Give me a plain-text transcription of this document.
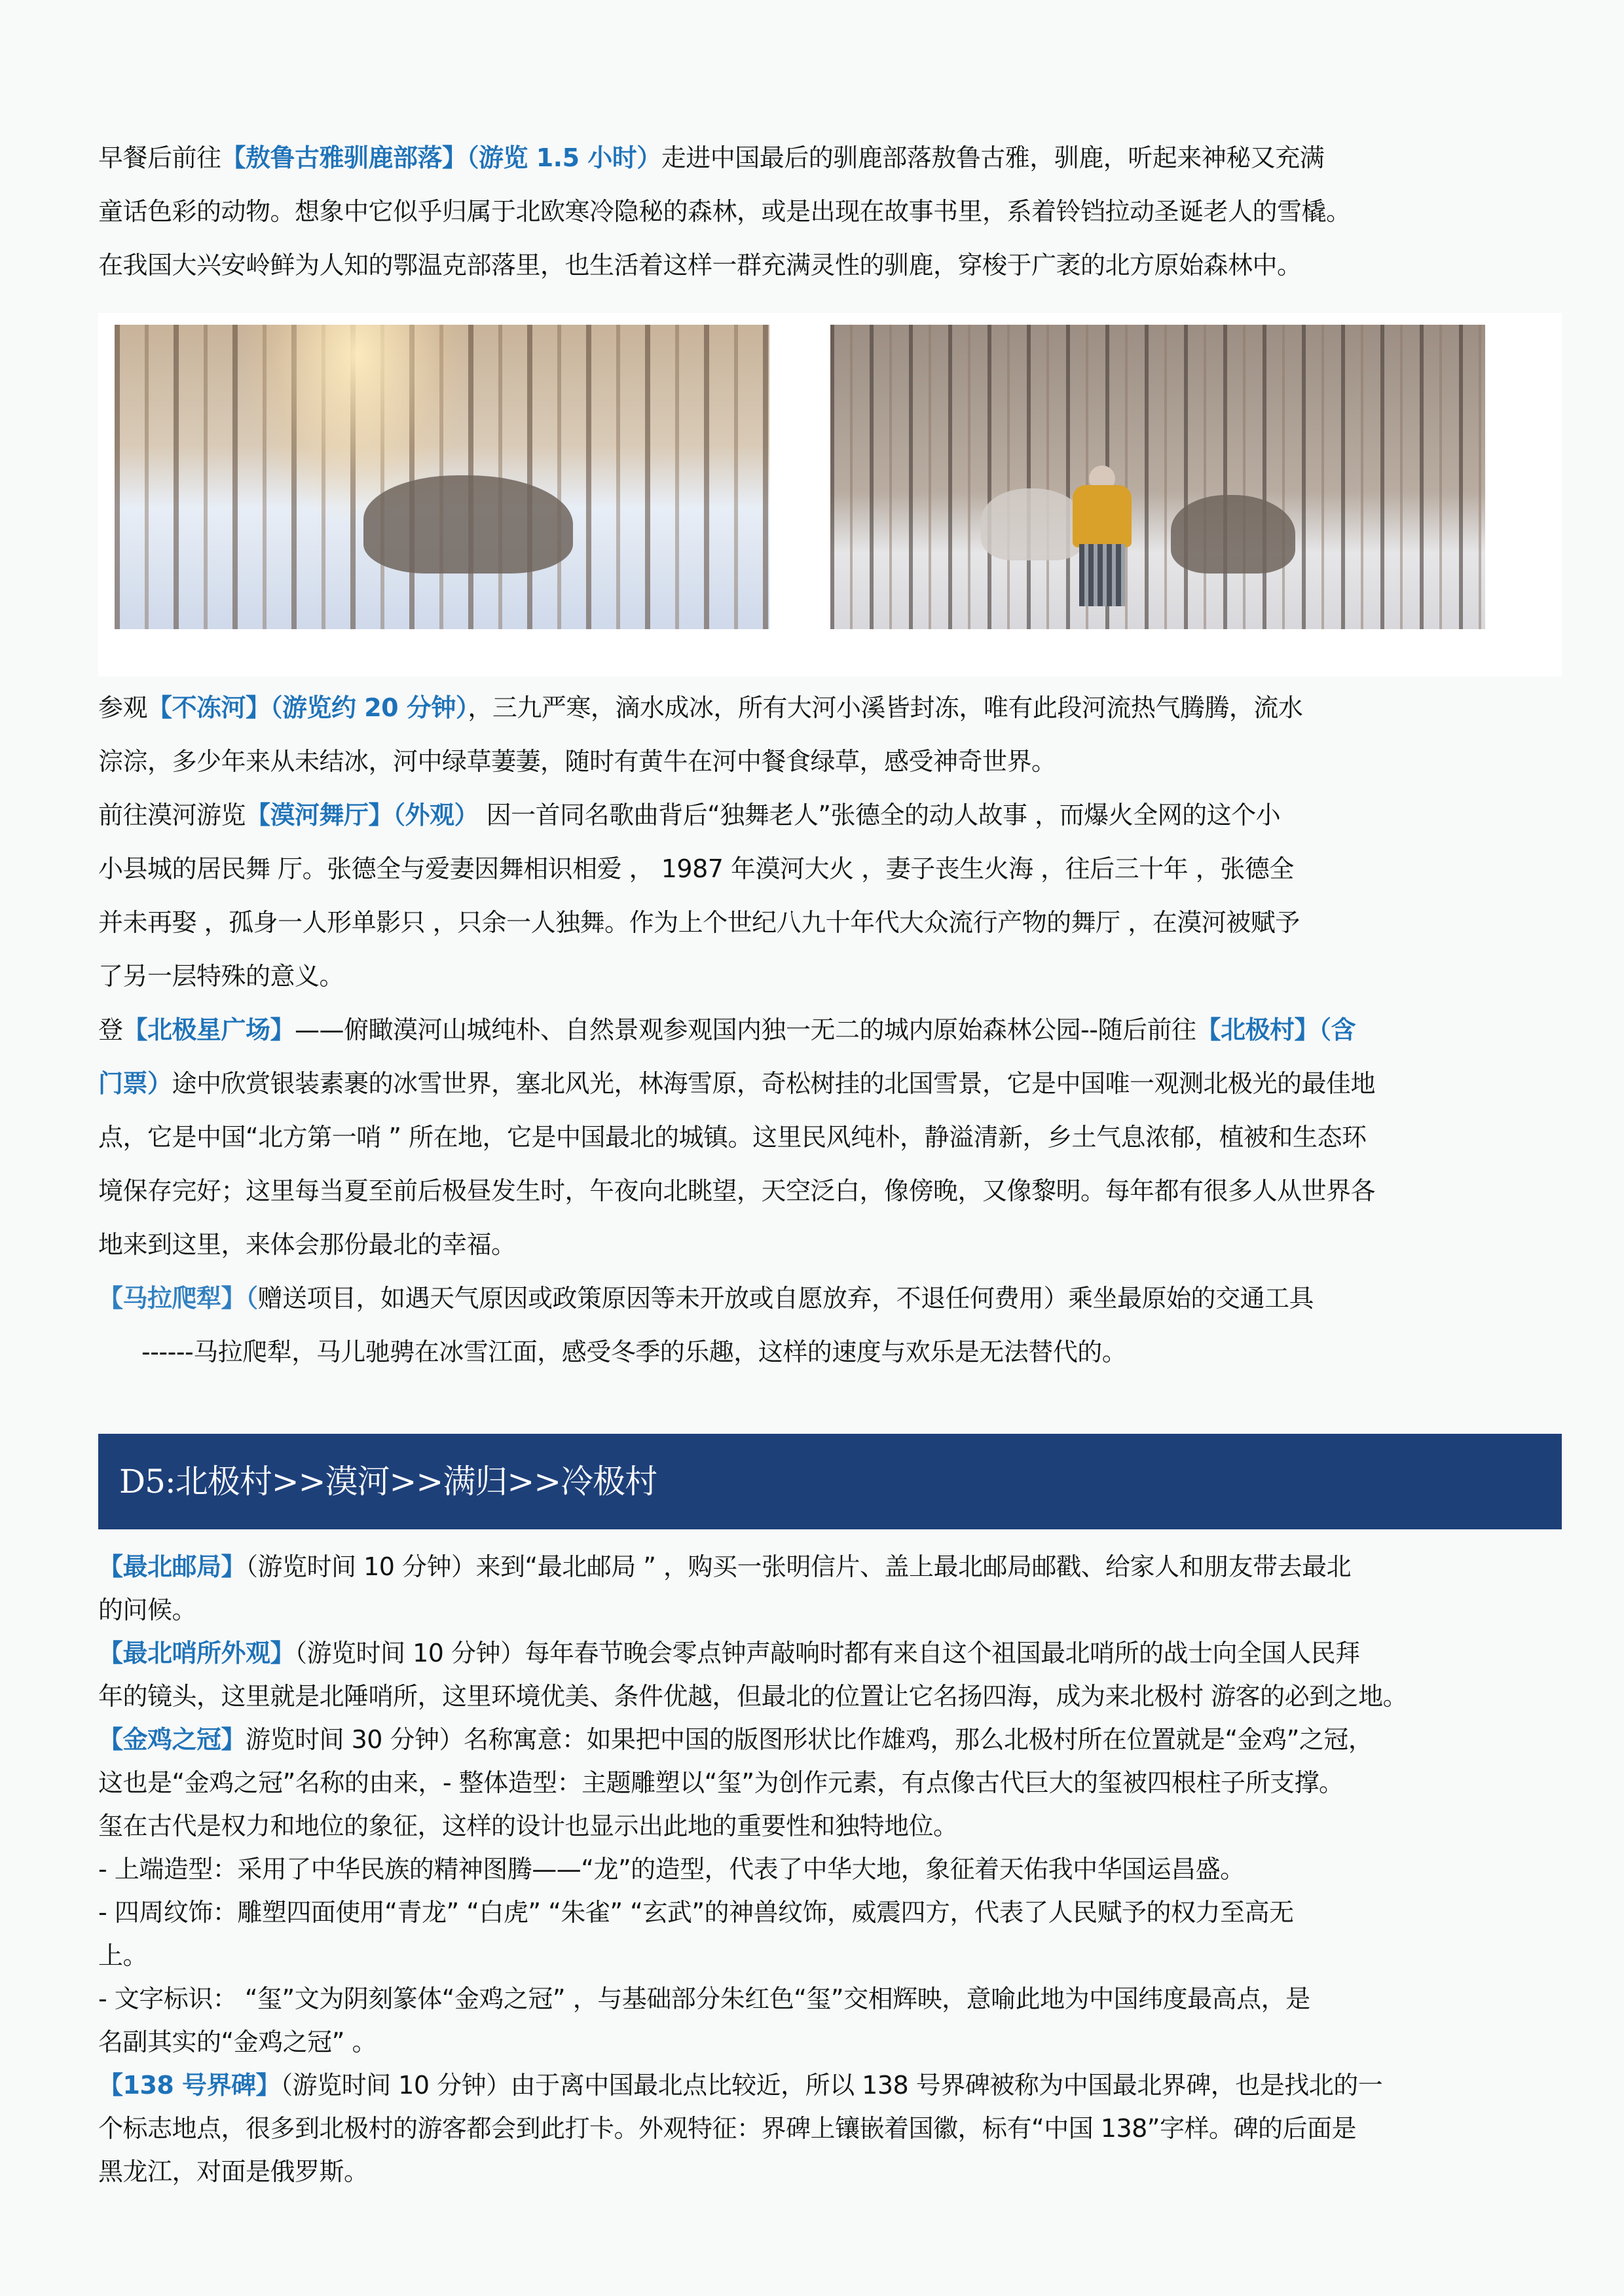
早餐后前往【敖鲁古雅驯鹿部落】（游览 1.5 小时）走进中国最后的驯鹿部落敖鲁古雅，驯鹿，听起来神秘又充满

童话色彩的动物。想象中它似乎归属于北欧寒冷隐秘的森林，或是出现在故事书里，系着铃铛拉动圣诞老人的雪橇。

在我国大兴安岭鲜为人知的鄂温克部落里，也生活着这样一群充满灵性的驯鹿，穿梭于广袤的北方原始森林中。

参观【不冻河】（游览约 20 分钟），三九严寒，滴水成冰，所有大河小溪皆封冻，唯有此段河流热气腾腾，流水

淙淙，多少年来从未结冰，河中绿草萋萋，随时有黄牛在河中餐食绿草，感受神奇世界。

前往漠河游览【漠河舞厅】（外观） 因一首同名歌曲背后“独舞老人”张德全的动人故事 ，而爆火全网的这个小

小县城的居民舞 厅。张德全与爱妻因舞相识相爱 ， 1987 年漠河大火 ，妻子丧生火海 ，往后三十年 ，张德全

并未再娶 ，孤身一人形单影只 ，只余一人独舞。作为上个世纪八九十年代大众流行产物的舞厅 ，在漠河被赋予

了另一层特殊的意义。

登【北极星广场】——俯瞰漠河山城纯朴、自然景观参观国内独一无二的城内原始森林公园--随后前往【北极村】（含

门票）途中欣赏银装素裹的冰雪世界，塞北风光，林海雪原，奇松树挂的北国雪景，它是中国唯一观测北极光的最佳地

点，它是中国“北方第一哨 ” 所在地，它是中国最北的城镇。这里民风纯朴，静溢清新，乡土气息浓郁，植被和生态环

境保存完好；这里每当夏至前后极昼发生时，午夜向北眺望，天空泛白，像傍晚，又像黎明。每年都有很多人从世界各

地来到这里，来体会那份最北的幸福。

【马拉爬犁】（赠送项目，如遇天气原因或政策原因等未开放或自愿放弃，不退任何费用）乘坐最原始的交通工具

------马拉爬犁，马儿驰骋在冰雪江面，感受冬季的乐趣，这样的速度与欢乐是无法替代的。

D5:北极村>>漠河>>满归>>冷极村

【最北邮局】（游览时间 10 分钟）来到“最北邮局 ” ，购买一张明信片、盖上最北邮局邮戳、给家人和朋友带去最北

的问候。

【最北哨所外观】（游览时间 10 分钟）每年春节晚会零点钟声敲响时都有来自这个祖国最北哨所的战士向全国人民拜

年的镜头，这里就是北陲哨所，这里环境优美、条件优越，但最北的位置让它名扬四海，成为来北极村 游客的必到之地。

【金鸡之冠】游览时间 30 分钟）名称寓意：如果把中国的版图形状比作雄鸡，那么北极村所在位置就是“金鸡”之冠，

这也是“金鸡之冠”名称的由来，- 整体造型：主题雕塑以“玺”为创作元素，有点像古代巨大的玺被四根柱子所支撑。

玺在古代是权力和地位的象征，这样的设计也显示出此地的重要性和独特地位。

- 上端造型：采用了中华民族的精神图腾——“龙”的造型，代表了中华大地，象征着天佑我中华国运昌盛。

- 四周纹饰：雕塑四面使用“青龙” “白虎” “朱雀” “玄武”的神兽纹饰，威震四方，代表了人民赋予的权力至高无

上。

- 文字标识： “玺”文为阴刻篆体“金鸡之冠” ，与基础部分朱红色“玺”交相辉映，意喻此地为中国纬度最高点，是

名副其实的“金鸡之冠” 。

【138 号界碑】（游览时间 10 分钟）由于离中国最北点比较近，所以 138 号界碑被称为中国最北界碑，也是找北的一

个标志地点，很多到北极村的游客都会到此打卡。外观特征：界碑上镶嵌着国徽，标有“中国 138”字样。碑的后面是

黑龙江，对面是俄罗斯。
